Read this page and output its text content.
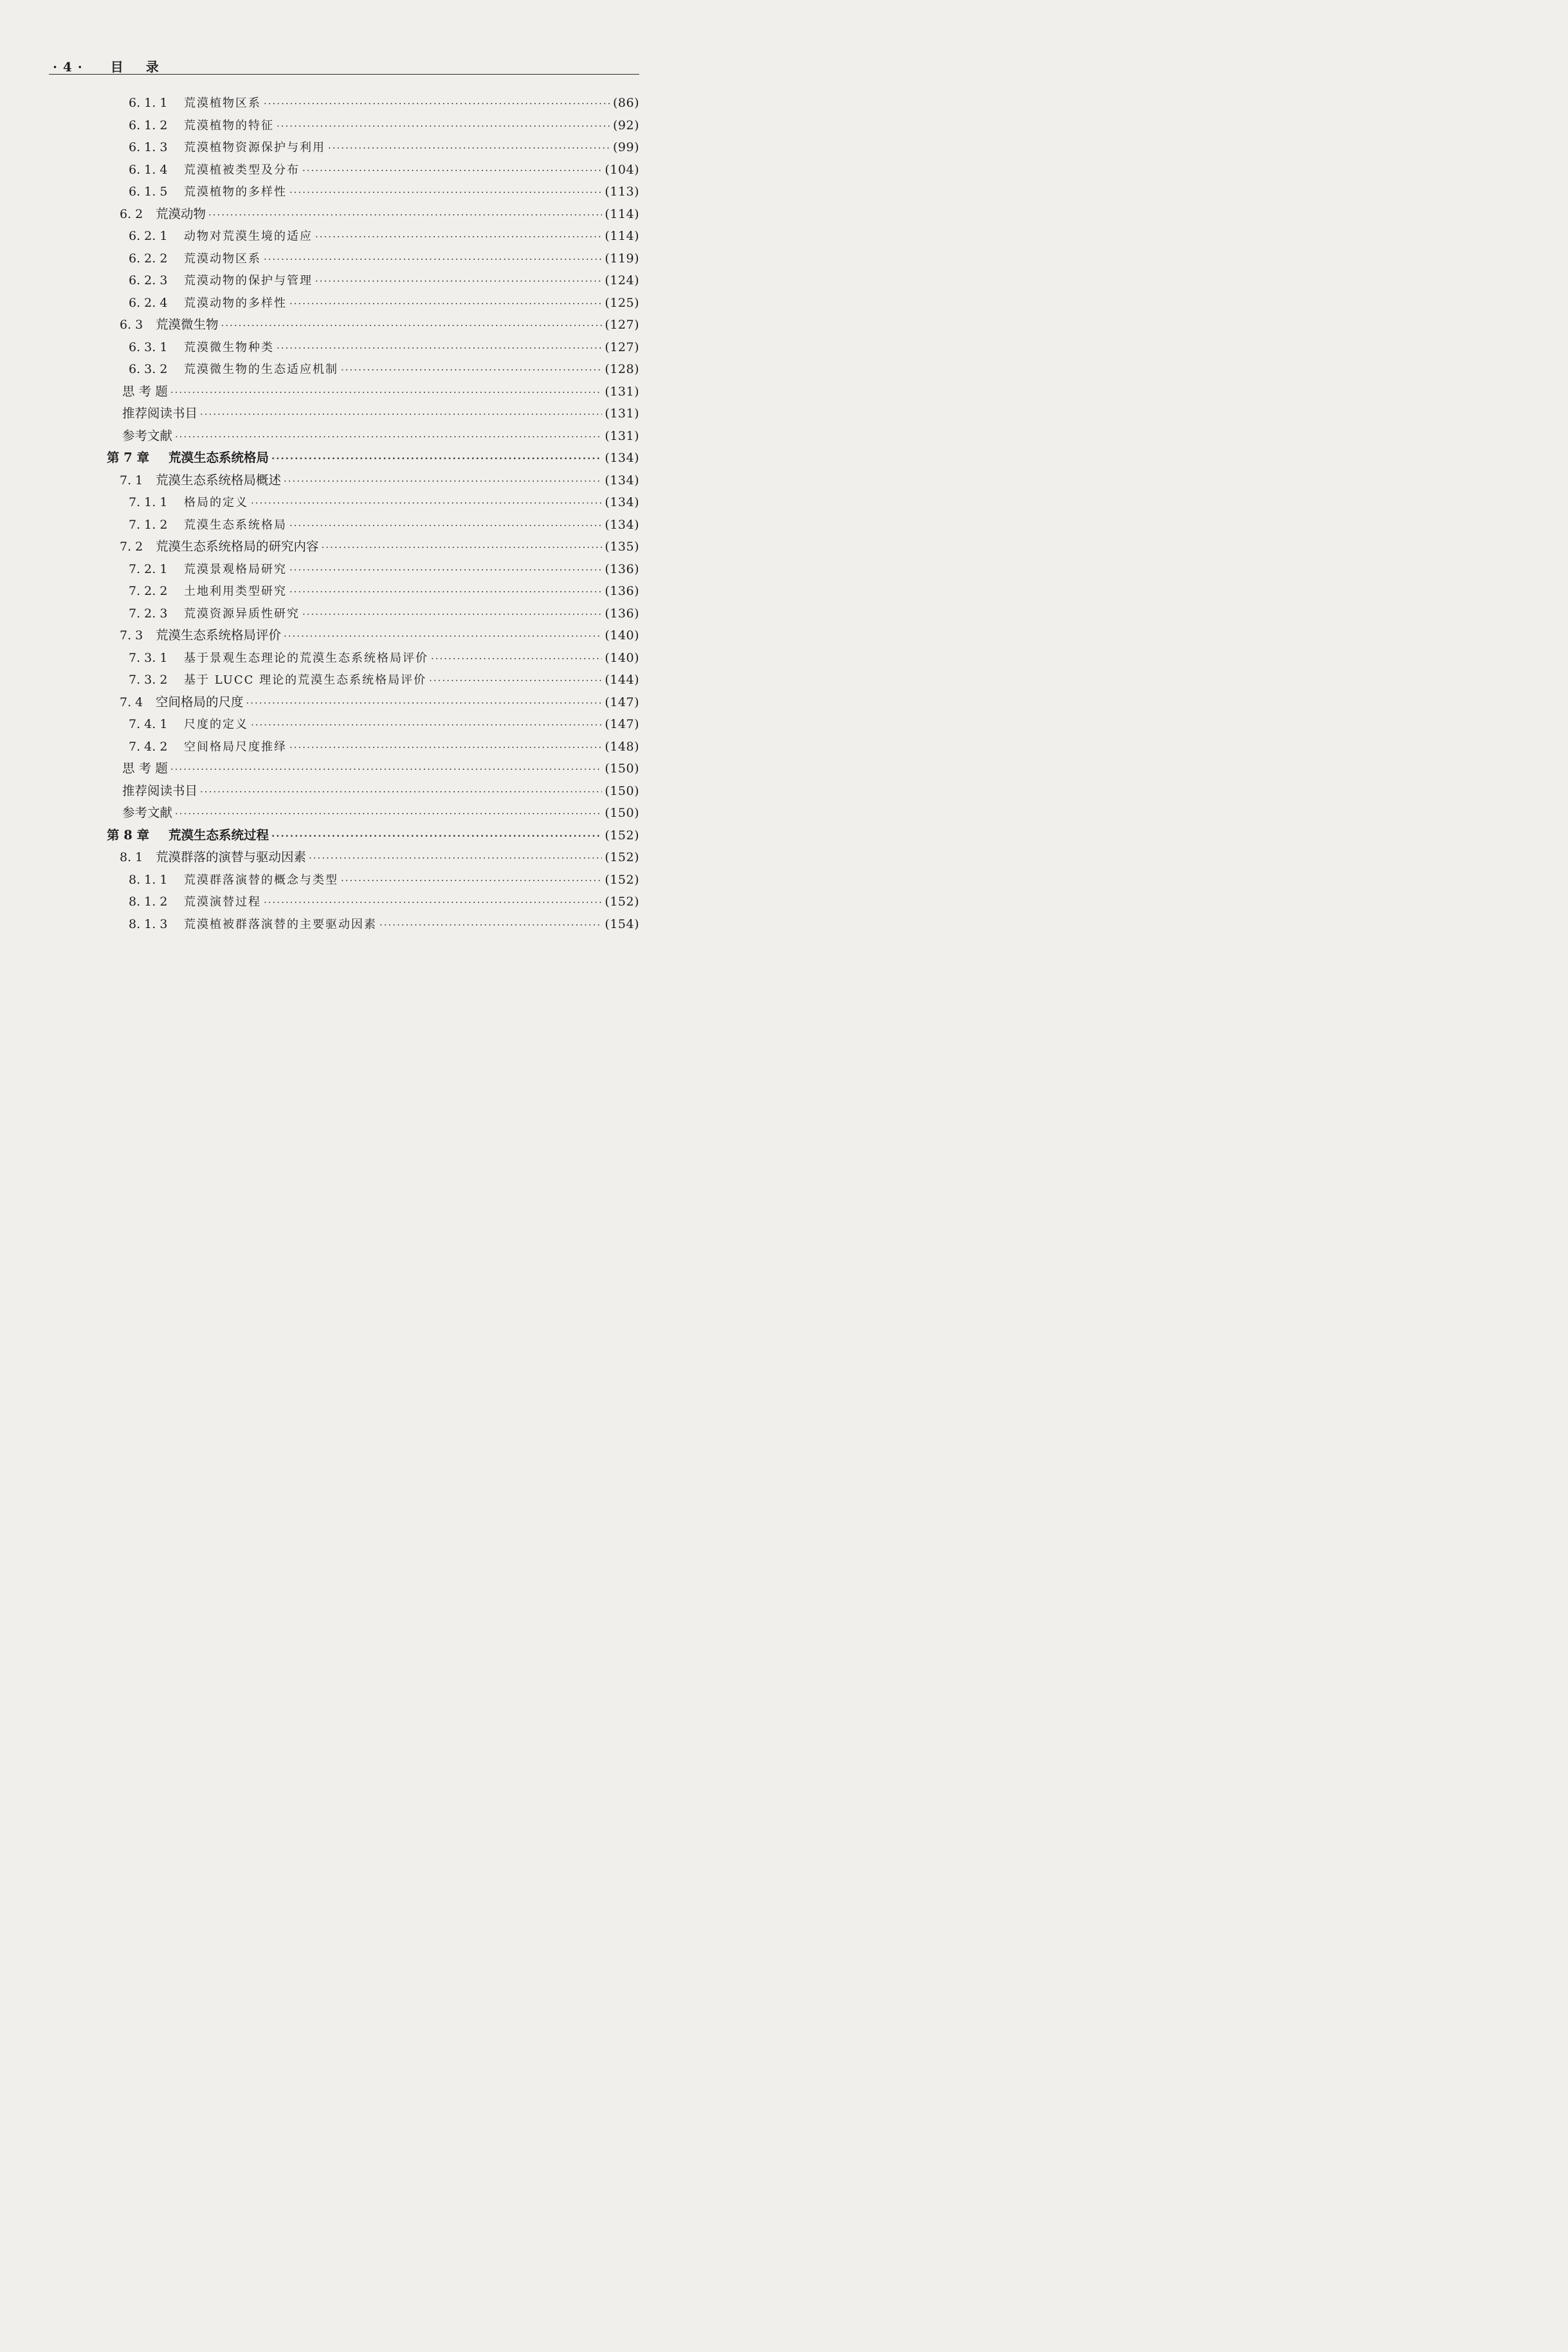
· 4 · 目 录
6. 1. 1	荒漠植物区系 ·····	(86)
6. 1. 2	荒漠植物的特征 ·····	(92)
6. 1. 3	荒漠植物资源保护与利用 ·····	(99)
6. 1. 4	荒漠植被类型及分布 ·····	(104)
6. 1. 5	荒漠植物的多样性 ·····	(113)
6. 2	荒漠动物 ·····	(114)
6. 2. 1	动物对荒漠生境的适应 ·····	(114)
6. 2. 2	荒漠动物区系 ·····	(119)
6. 2. 3	荒漠动物的保护与管理 ·····	(124)
6. 2. 4	荒漠动物的多样性 ·····	(125)
6. 3	荒漠微生物 ·····	(127)
6. 3. 1	荒漠微生物种类 ·····	(127)
6. 3. 2	荒漠微生物的生态适应机制 ·····	(128)
思 考 题 ·····	(131)
推荐阅读书目 ·····	(131)
参考文献 ·····	(131)
第 7 章	荒漠生态系统格局 ·····	(134)
7. 1	荒漠生态系统格局概述 ·····	(134)
7. 1. 1	格局的定义 ·····	(134)
7. 1. 2	荒漠生态系统格局 ·····	(134)
7. 2	荒漠生态系统格局的研究内容 ·····	(135)
7. 2. 1	荒漠景观格局研究 ·····	(136)
7. 2. 2	土地利用类型研究 ·····	(136)
7. 2. 3	荒漠资源异质性研究 ·····	(136)
7. 3	荒漠生态系统格局评价 ·····	(140)
7. 3. 1	基于景观生态理论的荒漠生态系统格局评价 ·····	(140)
7. 3. 2	基于 LUCC 理论的荒漠生态系统格局评价 ·····	(144)
7. 4	空间格局的尺度 ·····	(147)
7. 4. 1	尺度的定义 ·····	(147)
7. 4. 2	空间格局尺度推绎 ·····	(148)
思 考 题 ·····	(150)
推荐阅读书目 ·····	(150)
参考文献 ·····	(150)
第 8 章	荒漠生态系统过程 ·····	(152)
8. 1	荒漠群落的演替与驱动因素 ·····	(152)
8. 1. 1	荒漠群落演替的概念与类型 ·····	(152)
8. 1. 2	荒漠演替过程 ·····	(152)
8. 1. 3	荒漠植被群落演替的主要驱动因素 ·····	(154)
